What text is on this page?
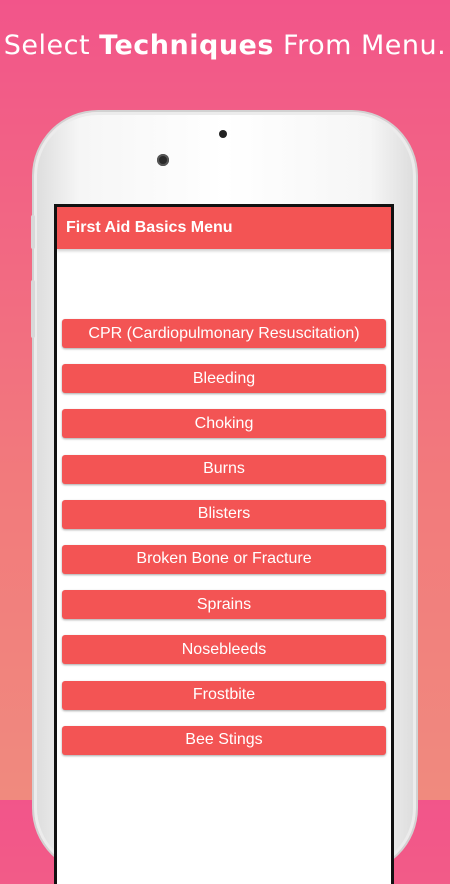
Select Techniques From Menu.
First Aid Basics Menu
CPR (Cardiopulmonary Resuscitation)
Bleeding
Choking
Burns
Blisters
Broken Bone or Fracture
Sprains
Nosebleeds
Frostbite
Bee Stings
